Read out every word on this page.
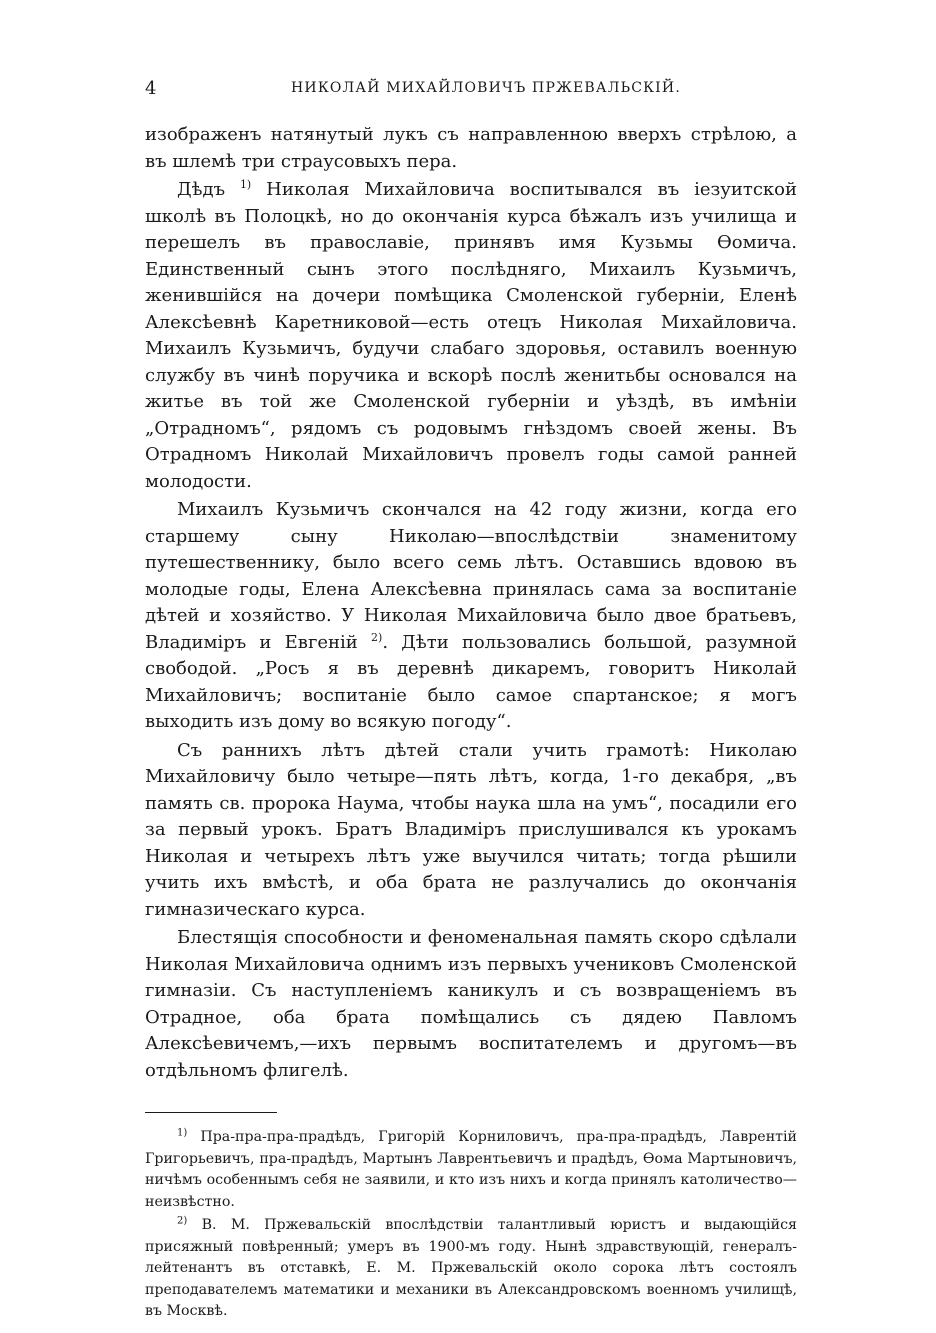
4	НИКОЛАЙ МИХАЙЛОВИЧЪ ПРЖЕВАЛЬСКІЙ.

изображенъ натянутый лукъ съ направленною вверхъ стрѣлою, а въ шлемѣ три страусовыхъ пера.

Дѣдъ $^{1)}$ Николая Михайловича воспитывался въ іезуитской школѣ въ Полоцкѣ, но до окончанія курса бѣжалъ изъ училища и перешелъ въ православіе, принявъ имя Кузьмы Ѳомича. Единственный сынъ этого послѣдняго, Михаилъ Кузьмичъ, женившійся на дочери помѣщика Смоленской губерніи, Еленѣ Алексѣевнѣ Каретниковой—есть отецъ Николая Михайловича. Михаилъ Кузьмичъ, будучи слабаго здоровья, оставилъ военную службу въ чинѣ поручика и вскорѣ послѣ женитьбы основался на житье въ той же Смоленской губерніи и уѣздѣ, въ имѣніи „Отрадномъ“, рядомъ съ родовымъ гнѣздомъ своей жены. Въ Отрадномъ Николай Михайловичъ провелъ годы самой ранней молодости.

Михаилъ Кузьмичъ скончался на 42 году жизни, когда его старшему сыну Николаю—впослѣдствіи знаменитому путешественнику, было всего семь лѣтъ. Оставшись вдовою въ молодые годы, Елена Алексѣевна принялась сама за воспитаніе дѣтей и хозяйство. У Николая Михайловича было двое братьевъ, Владиміръ и Евгеній $^{2)}$. Дѣти пользовались большой, разумной свободой. „Росъ я въ деревнѣ дикаремъ, говоритъ Николай Михайловичъ; воспитаніе было самое спартанское; я могъ выходить изъ дому во всякую погоду“.

Съ раннихъ лѣтъ дѣтей стали учить грамотѣ: Николаю Михайловичу было четыре—пять лѣтъ, когда, 1-го декабря, „въ память св. пророка Наума, чтобы наука шла на умъ“, посадили его за первый урокъ. Братъ Владиміръ прислушивался къ урокамъ Николая и четырехъ лѣтъ уже выучился читать; тогда рѣшили учить ихъ вмѣстѣ, и оба брата не разлучались до окончанія гимназическаго курса.

Блестящія способности и феноменальная память скоро сдѣлали Николая Михайловича однимъ изъ первыхъ учениковъ Смоленской гимназіи. Съ наступленіемъ каникулъ и съ возвращеніемъ въ Отрадное, оба брата помѣщались съ дядею Павломъ Алексѣевичемъ,—ихъ первымъ воспитателемъ и другомъ—въ отдѣльномъ флигелѣ.

$^{1)}$ Пра-пра-пра-прадѣдъ, Григорій Корниловичъ, пра-пра-прадѣдъ, Лаврентій Григорьевичъ, пра-прадѣдъ, Мартынъ Лаврентьевичъ и прадѣдъ, Ѳома Мартыновичъ, ничѣмъ особеннымъ себя не заявили, и кто изъ нихъ и когда принялъ католичество—неизвѣстно.

$^{2)}$ В. М. Пржевальскій впослѣдствіи талантливый юристъ и выдающійся присяжный повѣренный; умеръ въ 1900-мъ году. Нынѣ здравствующій, генералъ-лейтенантъ въ отставкѣ, Е. М. Пржевальскій около сорока лѣтъ состоялъ преподавателемъ математики и механики въ Александровскомъ военномъ училищѣ, въ Москвѣ.
